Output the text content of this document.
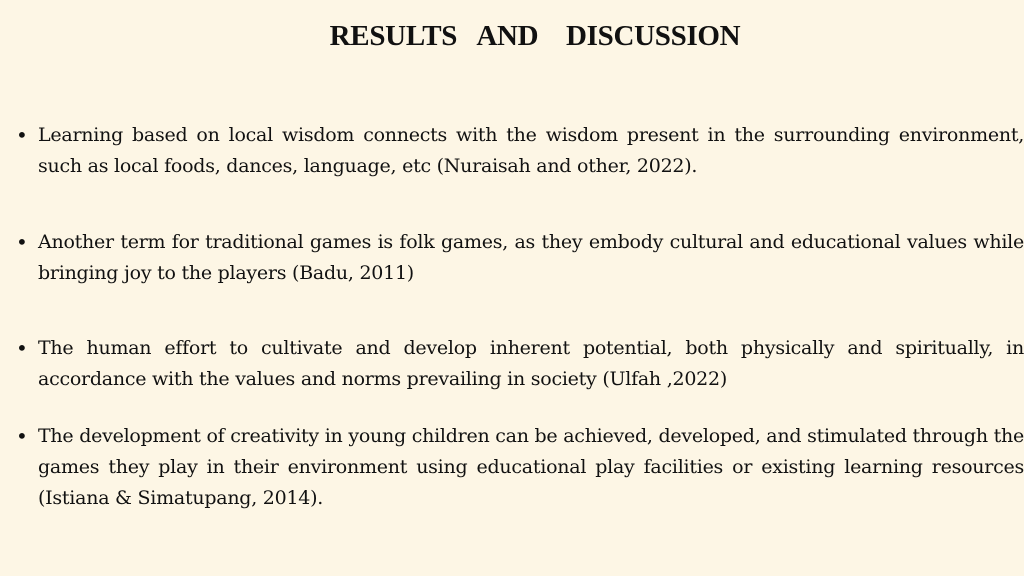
RESULTS   AND    DISCUSSION
• Learning based on local wisdom connects with the wisdom present in the surrounding environment, such as local foods, dances, language, etc (Nuraisah and other, 2022).
• Another term for traditional games is folk games, as they embody cultural and educational values while bringing joy to the players (Badu, 2011)
• The human effort to cultivate and develop inherent potential, both physically and spiritually, in accordance with the values and norms prevailing in society (Ulfah ,2022)
• The development of creativity in young children can be achieved, developed, and stimulated through the games they play in their environment using educational play facilities or existing learning resources (Istiana & Simatupang, 2014).
